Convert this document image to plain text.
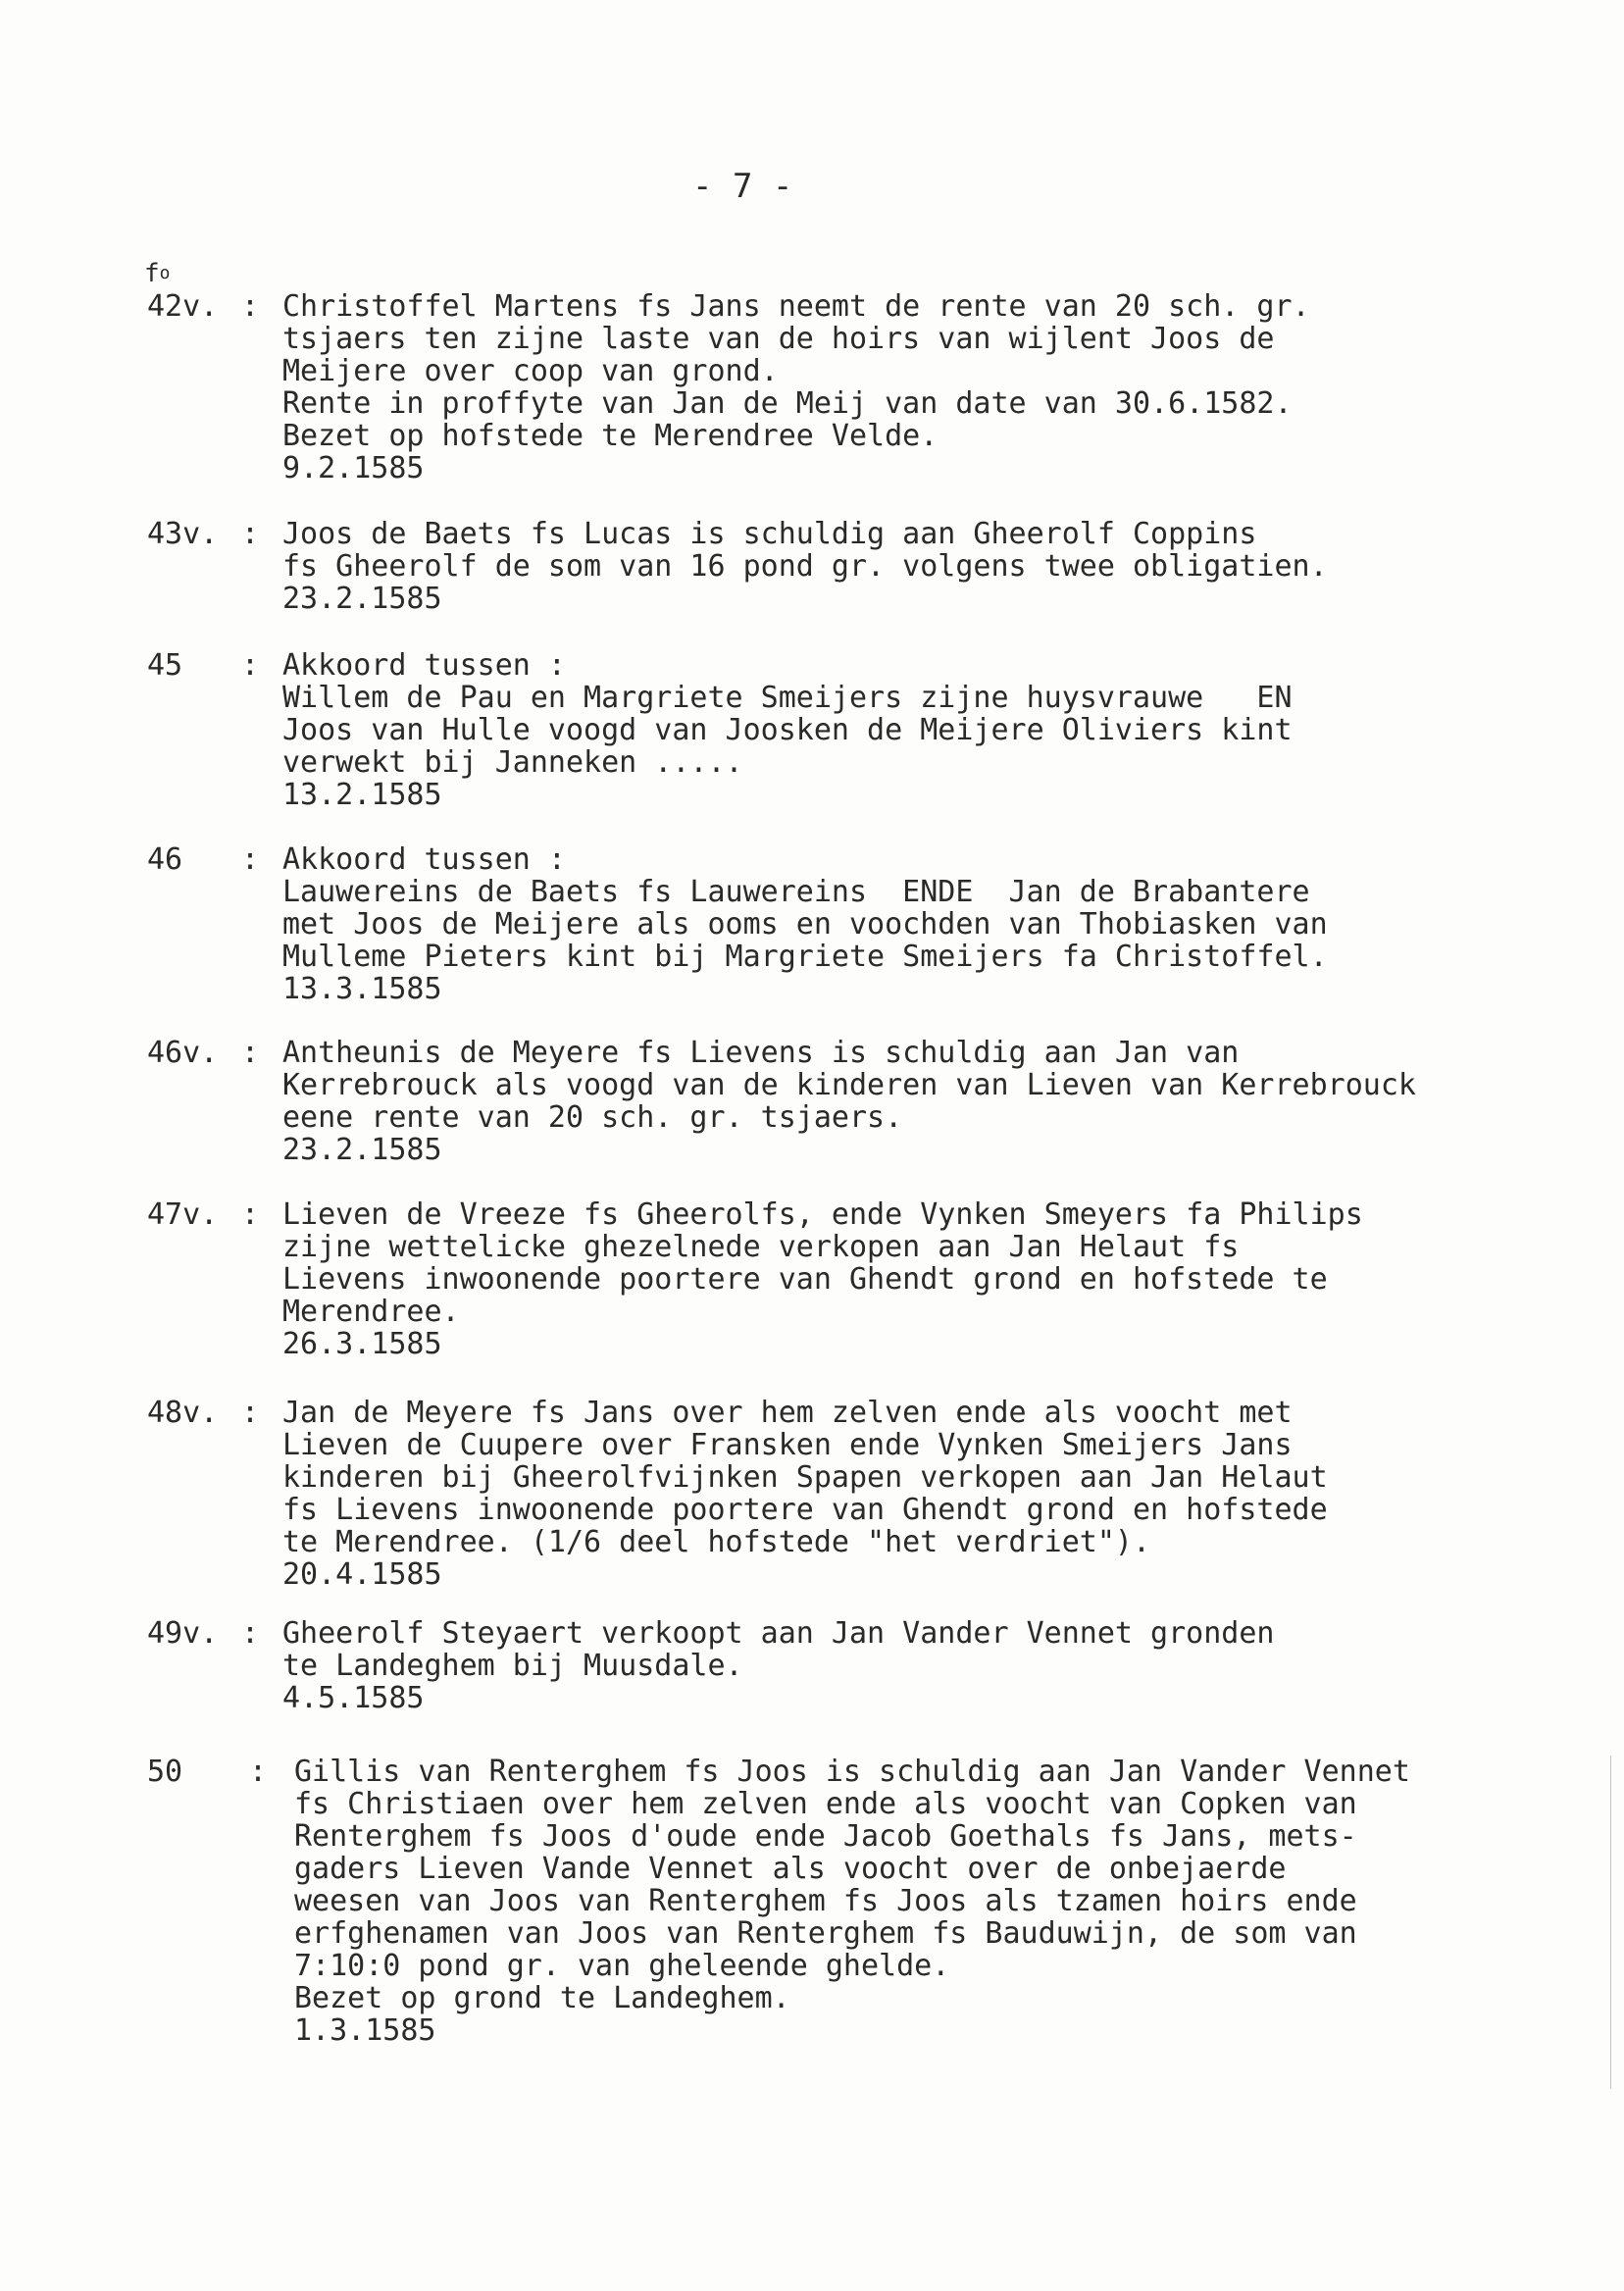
- 7 -
$f^o$
42v. : Christoffel Martens fs Jans neemt de rente van 20 sch. gr.
tsjaers ten zijne laste van de hoirs van wijlent Joos de
Meijere over coop van grond.
Rente in proffyte van Jan de Meij van date van 30.6.1582.
Bezet op hofstede te Merendree Velde.
9.2.1585
43v. : Joos de Baets fs Lucas is schuldig aan Gheerolf Coppins
fs Gheerolf de som van 16 pond gr. volgens twee obligatien.
23.2.1585
45 : Akkoord tussen :
Willem de Pau en Margriete Smeijers zijne huysvrauwe   EN
Joos van Hulle voogd van Joosken de Meijere Oliviers kint
verwekt bij Janneken .....
13.2.1585
46 : Akkoord tussen :
Lauwereins de Baets fs Lauwereins  ENDE  Jan de Brabantere
met Joos de Meijere als ooms en voochden van Thobiasken van
Mulleme Pieters kint bij Margriete Smeijers fa Christoffel.
13.3.1585
46v. : Antheunis de Meyere fs Lievens is schuldig aan Jan van
Kerrebrouck als voogd van de kinderen van Lieven van Kerrebrouck
eene rente van 20 sch. gr. tsjaers.
23.2.1585
47v. : Lieven de Vreeze fs Gheerolfs, ende Vynken Smeyers fa Philips
zijne wettelicke ghezelnede verkopen aan Jan Helaut fs
Lievens inwoonende poortere van Ghendt grond en hofstede te
Merendree.
26.3.1585
48v. : Jan de Meyere fs Jans over hem zelven ende als voocht met
Lieven de Cuupere over Fransken ende Vynken Smeijers Jans
kinderen bij Gheerolfvijnken Spapen verkopen aan Jan Helaut
fs Lievens inwoonende poortere van Ghendt grond en hofstede
te Merendree. (1/6 deel hofstede "het verdriet").
20.4.1585
49v. : Gheerolf Steyaert verkoopt aan Jan Vander Vennet gronden
te Landeghem bij Muusdale.
4.5.1585
50 : Gillis van Renterghem fs Joos is schuldig aan Jan Vander Vennet
fs Christiaen over hem zelven ende als voocht van Copken van
Renterghem fs Joos d'oude ende Jacob Goethals fs Jans, mets-
gaders Lieven Vande Vennet als voocht over de onbejaerde
weesen van Joos van Renterghem fs Joos als tzamen hoirs ende
erfghenamen van Joos van Renterghem fs Bauduwijn, de som van
7:10:0 pond gr. van gheleende ghelde.
Bezet op grond te Landeghem.
1.3.1585
